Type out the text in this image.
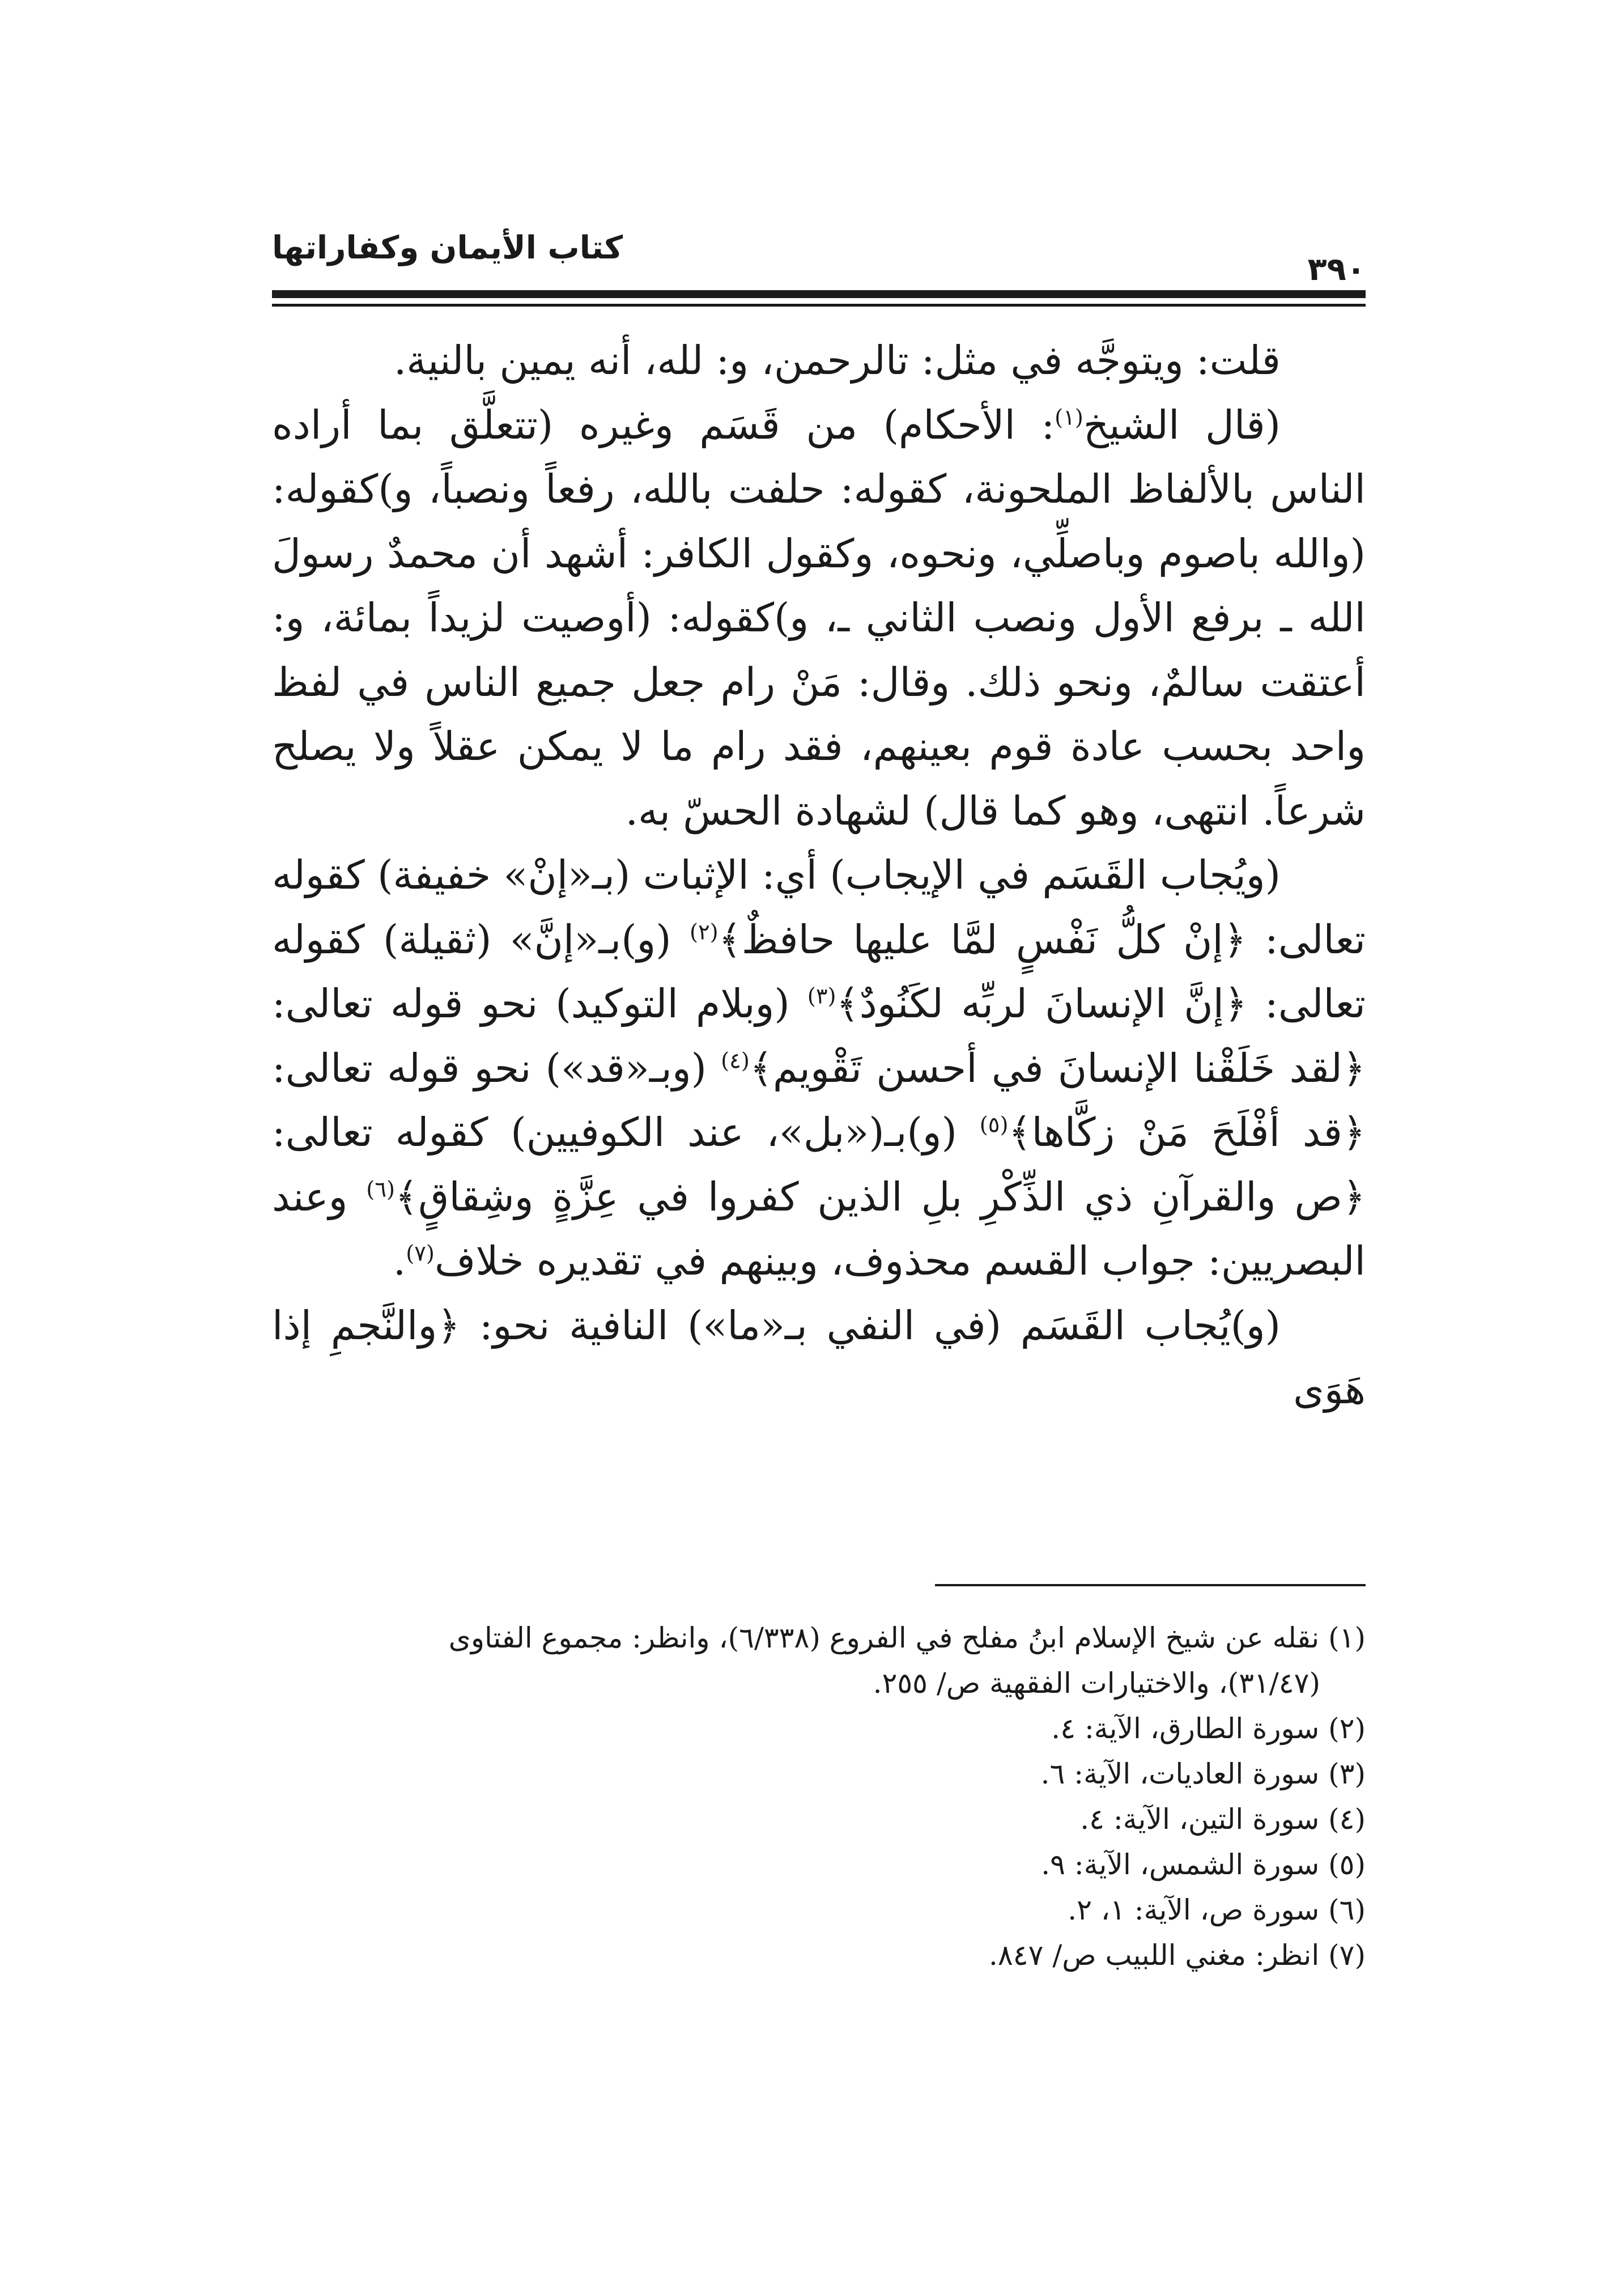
كتاب الأيمان وكفاراتها
٣٩٠

قلت: ويتوجَّه في مثل: تالرحمن، و: لله، أنه يمين بالنية.

(قال الشيخ$^{(١)}$: الأحكام) من قَسَم وغيره (تتعلَّق بما أراده الناس بالألفاظ الملحونة، كقوله: حلفت بالله، رفعاً ونصباً، و)كقوله: (والله باصوم وباصلِّي، ونحوه، وكقول الكافر: أشهد أن محمدٌ رسولَ الله ـ برفع الأول ونصب الثاني ـ، و)كقوله: (أوصيت لزيداً بمائة، و: أعتقت سالمٌ، ونحو ذلك. وقال: مَنْ رام جعل جميع الناس في لفظ واحد بحسب عادة قوم بعينهم، فقد رام ما لا يمكن عقلاً ولا يصلح شرعاً. انتهى، وهو كما قال) لشهادة الحسّ به.

(ويُجاب القَسَم في الإيجاب) أي: الإثبات (بـ«إنْ» خفيفة) كقوله تعالى: ﴿إنْ كلُّ نَفْسٍ لمَّا عليها حافظٌ﴾$^{(٢)}$ (و)بـ«إنَّ» (ثقيلة) كقوله تعالى: ﴿إنَّ الإنسانَ لربِّه لكَنُودٌ﴾$^{(٣)}$ (وبلام التوكيد) نحو قوله تعالى: ﴿لقد خَلَقْنا الإنسانَ في أحسن تَقْويم﴾$^{(٤)}$ (وبـ«قد») نحو قوله تعالى: ﴿قد أفْلَحَ مَنْ زكَّاها﴾$^{(٥)}$ (و)بـ(«بل»، عند الكوفيين) كقوله تعالى: ﴿ص والقرآنِ ذي الذِّكْرِ بلِ الذين كفروا في عِزَّةٍ وشِقاقٍ﴾$^{(٦)}$ وعند البصريين: جواب القسم محذوف، وبينهم في تقديره خلاف$^{(٧)}$.

(و)يُجاب القَسَم (في النفي بـ«ما») النافية نحو: ﴿والنَّجمِ إذا هَوَى

(١) نقله عن شيخ الإسلام ابنُ مفلح في الفروع (٦/٣٣٨)، وانظر: مجموع الفتاوى

(٣١/٤٧)، والاختيارات الفقهية ص/ ٢٥٥.

(٢) سورة الطارق، الآية: ٤.

(٣) سورة العاديات، الآية: ٦.

(٤) سورة التين، الآية: ٤.

(٥) سورة الشمس، الآية: ٩.

(٦) سورة ص، الآية: ١، ٢.

(٧) انظر: مغني اللبيب ص/ ٨٤٧.
